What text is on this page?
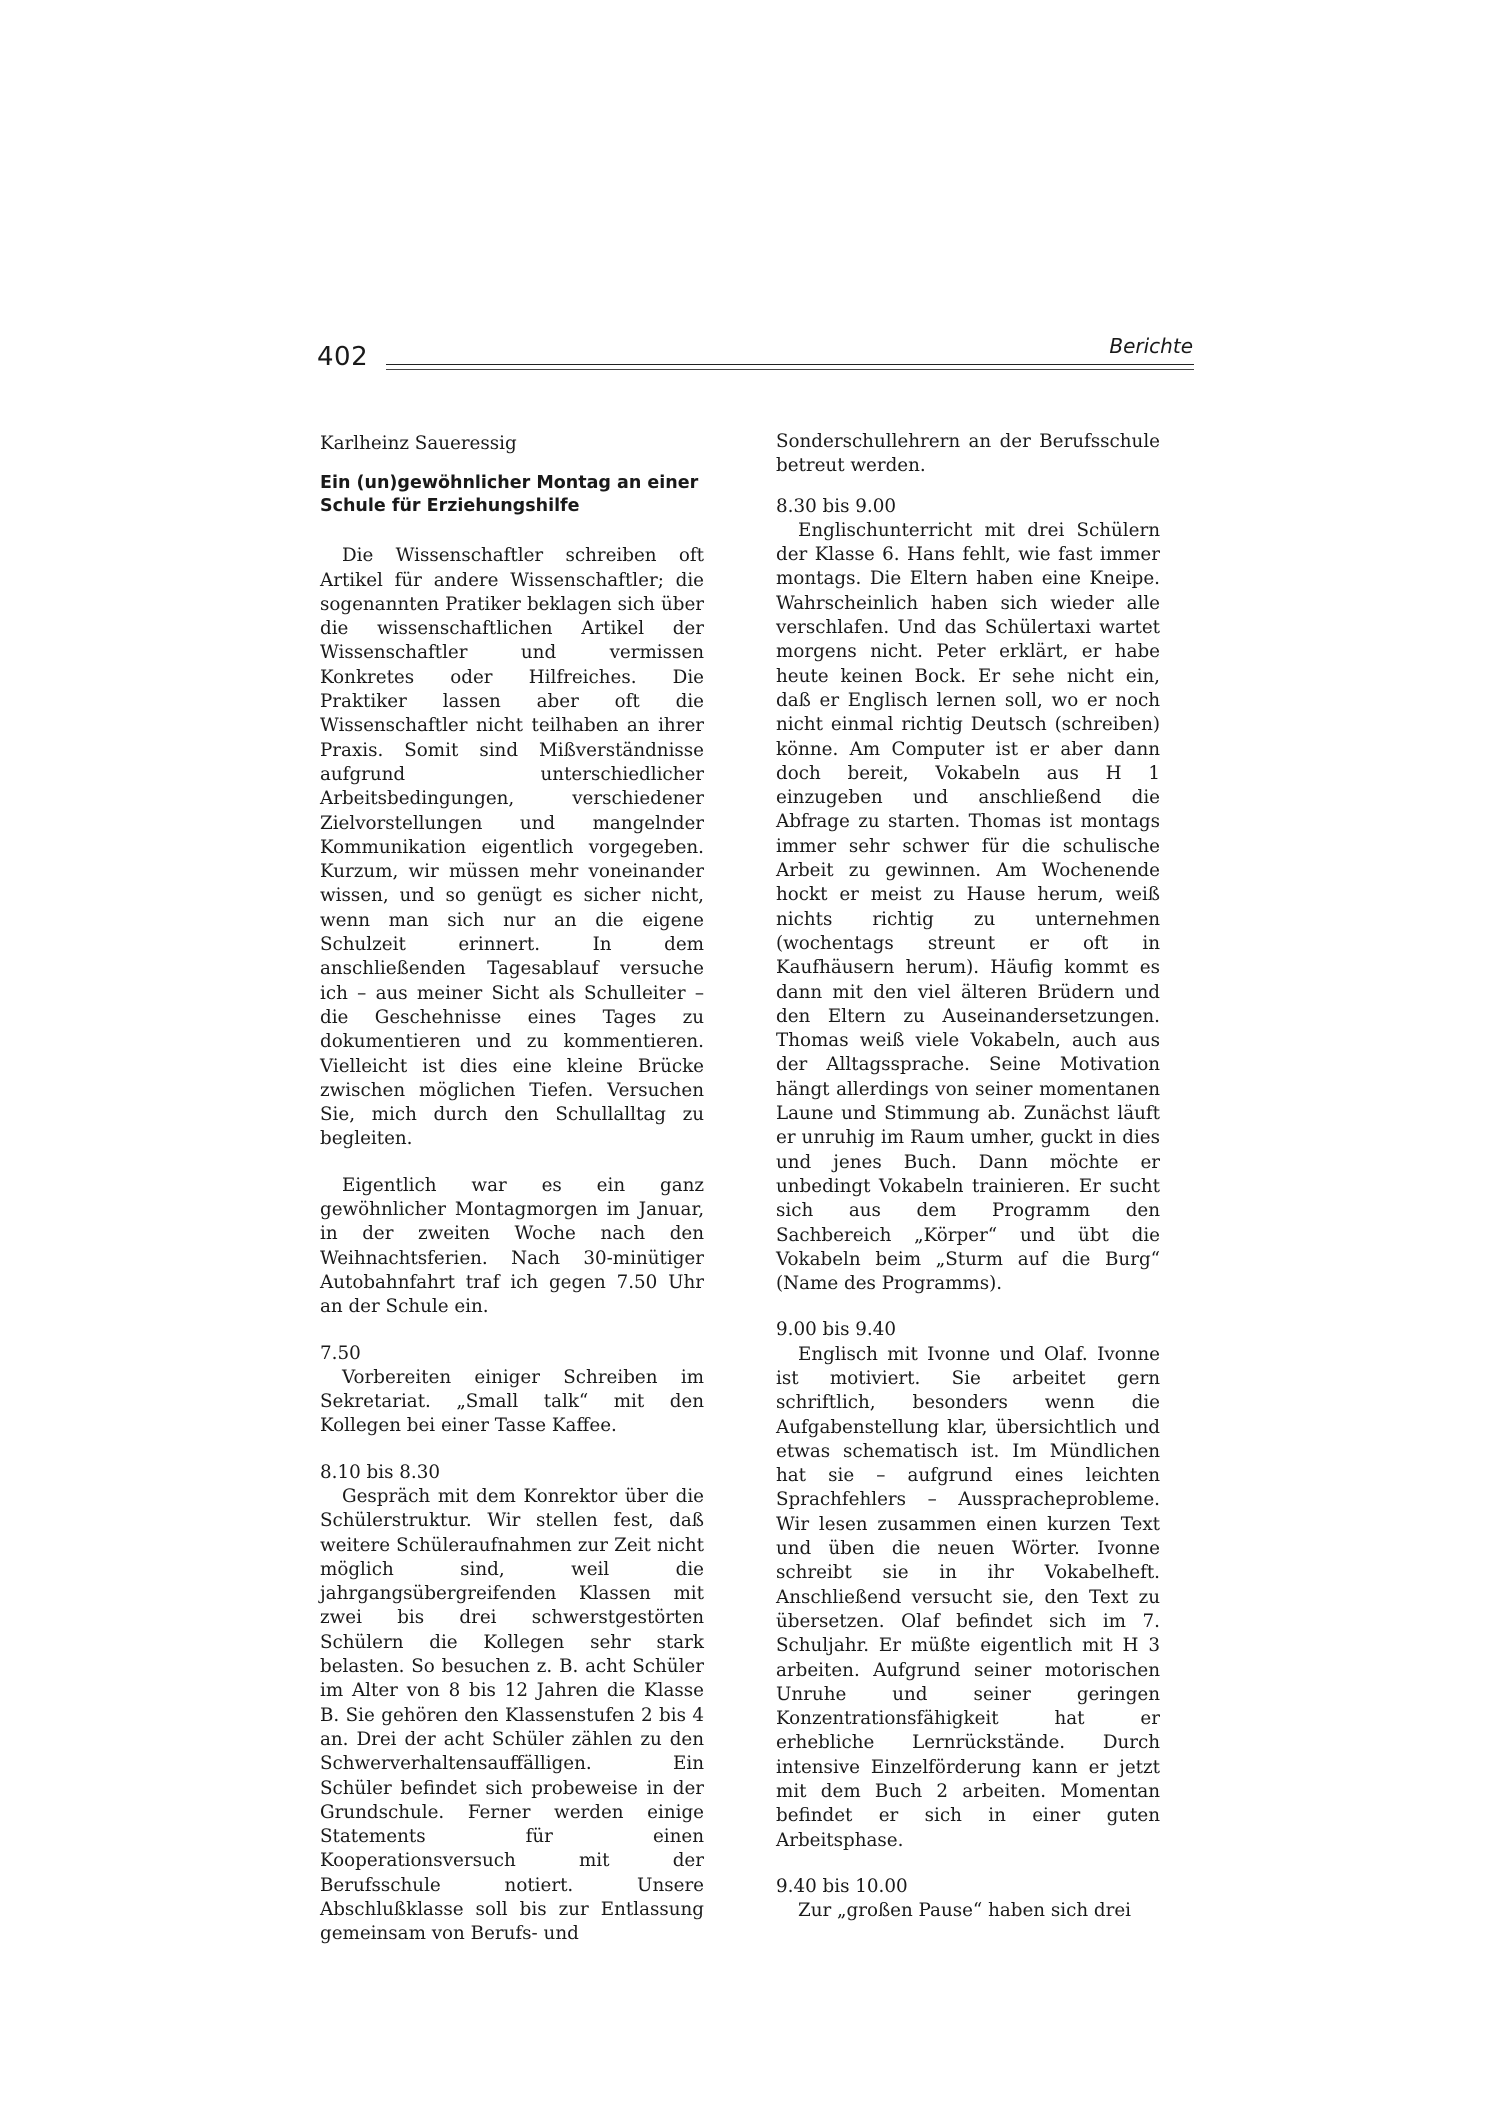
402	Berichte
Karlheinz Saueressig
Ein (un)gewöhnlicher Montag an einer Schule für Erziehungshilfe

Die Wissenschaftler schreiben oft Artikel für andere Wissenschaftler; die sogenannten Pratiker beklagen sich über die wissenschaftlichen Artikel der Wissenschaftler und vermissen Konkretes oder Hilfreiches. Die Praktiker lassen aber oft die Wissenschaftler nicht teilhaben an ihrer Praxis. Somit sind Mißverständnisse aufgrund unterschiedlicher Arbeitsbedingungen, verschiedener Zielvorstellungen und mangelnder Kommunikation eigentlich vorgegeben. Kurzum, wir müssen mehr voneinander wissen, und so genügt es sicher nicht, wenn man sich nur an die eigene Schulzeit erinnert. In dem anschließenden Tagesablauf versuche ich – aus meiner Sicht als Schulleiter – die Geschehnisse eines Tages zu dokumentieren und zu kommentieren. Vielleicht ist dies eine kleine Brücke zwischen möglichen Tiefen. Versuchen Sie, mich durch den Schullalltag zu begleiten.

Eigentlich war es ein ganz gewöhnlicher Montagmorgen im Januar, in der zweiten Woche nach den Weihnachtsferien. Nach 30-minütiger Autobahnfahrt traf ich gegen 7.50 Uhr an der Schule ein.

7.50

Vorbereiten einiger Schreiben im Sekretariat. „Small talk“ mit den Kollegen bei einer Tasse Kaffee.

8.10 bis 8.30

Gespräch mit dem Konrektor über die Schülerstruktur. Wir stellen fest, daß weitere Schüleraufnahmen zur Zeit nicht möglich sind, weil die jahrgangsübergreifenden Klassen mit zwei bis drei schwerstgestörten Schülern die Kollegen sehr stark belasten. So besuchen z. B. acht Schüler im Alter von 8 bis 12 Jahren die Klasse B. Sie gehören den Klassenstufen 2 bis 4 an. Drei der acht Schüler zählen zu den Schwerverhaltensauffälligen. Ein Schüler befindet sich probeweise in der Grundschule. Ferner werden einige Statements für einen Kooperationsversuch mit der Berufsschule notiert. Unsere Abschlußklasse soll bis zur Entlassung gemeinsam von Berufs- und

Sonderschullehrern an der Berufsschule betreut werden.

8.30 bis 9.00

Englischunterricht mit drei Schülern der Klasse 6. Hans fehlt, wie fast immer montags. Die Eltern haben eine Kneipe. Wahrscheinlich haben sich wieder alle verschlafen. Und das Schülertaxi wartet morgens nicht. Peter erklärt, er habe heute keinen Bock. Er sehe nicht ein, daß er Englisch lernen soll, wo er noch nicht einmal richtig Deutsch (schreiben) könne. Am Computer ist er aber dann doch bereit, Vokabeln aus H 1 einzugeben und anschließend die Abfrage zu starten. Thomas ist montags immer sehr schwer für die schulische Arbeit zu gewinnen. Am Wochenende hockt er meist zu Hause herum, weiß nichts richtig zu unternehmen (wochentags streunt er oft in Kaufhäusern herum). Häufig kommt es dann mit den viel älteren Brüdern und den Eltern zu Auseinandersetzungen. Thomas weiß viele Vokabeln, auch aus der Alltagssprache. Seine Motivation hängt allerdings von seiner momentanen Laune und Stimmung ab. Zunächst läuft er unruhig im Raum umher, guckt in dies und jenes Buch. Dann möchte er unbedingt Vokabeln trainieren. Er sucht sich aus dem Programm den Sachbereich „Körper“ und übt die Vokabeln beim „Sturm auf die Burg“ (Name des Programms).

9.00 bis 9.40

Englisch mit Ivonne und Olaf. Ivonne ist motiviert. Sie arbeitet gern schriftlich, besonders wenn die Aufgabenstellung klar, übersichtlich und etwas schematisch ist. Im Mündlichen hat sie – aufgrund eines leichten Sprachfehlers – Ausspracheprobleme. Wir lesen zusammen einen kurzen Text und üben die neuen Wörter. Ivonne schreibt sie in ihr Vokabelheft. Anschließend versucht sie, den Text zu übersetzen. Olaf befindet sich im 7. Schuljahr. Er müßte eigentlich mit H 3 arbeiten. Aufgrund seiner motorischen Unruhe und seiner geringen Konzentrationsfähigkeit hat er erhebliche Lernrückstände. Durch intensive Einzelförderung kann er jetzt mit dem Buch 2 arbeiten. Momentan befindet er sich in einer guten Arbeitsphase.

9.40 bis 10.00

Zur „großen Pause“ haben sich drei
